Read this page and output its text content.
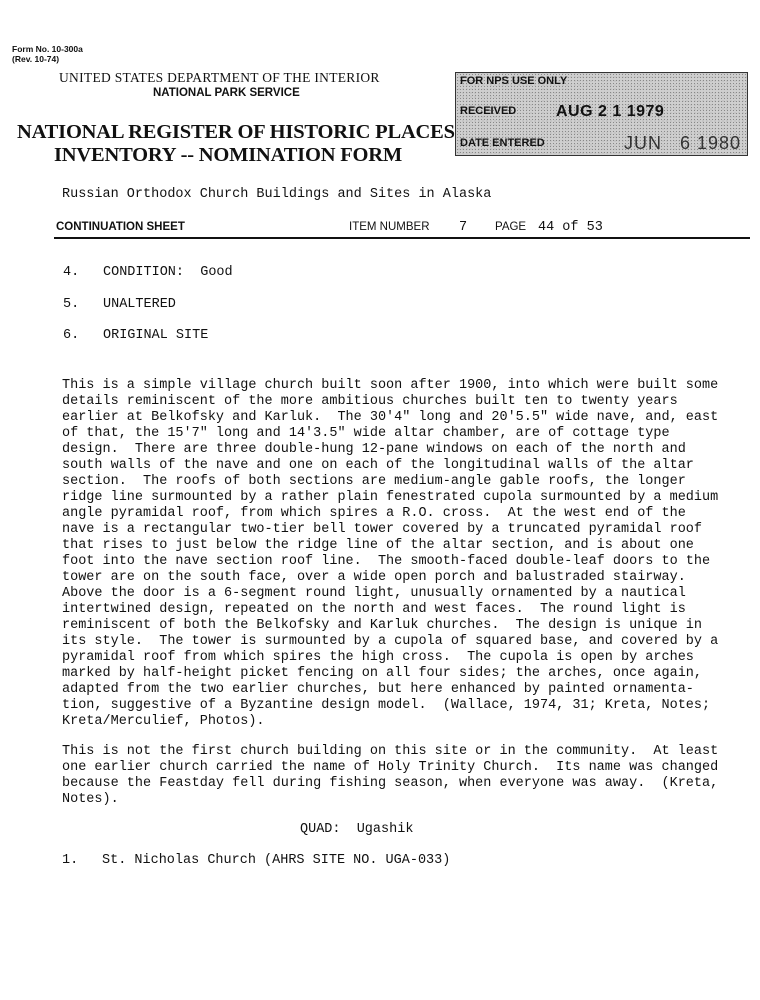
Form No. 10-300a
(Rev. 10-74)
UNITED STATES DEPARTMENT OF THE INTERIOR
NATIONAL PARK SERVICE
NATIONAL REGISTER OF HISTORIC PLACES
INVENTORY -- NOMINATION FORM
FOR NPS USE ONLY
RECEIVED AUG 2 1 1979
DATE ENTERED	JUN   6 1980
Russian Orthodox Church Buildings and Sites in Alaska
CONTINUATION SHEET	ITEM NUMBER 7 PAGE 44 of 53
4. CONDITION:  Good
5. UNALTERED
6. ORIGINAL SITE
This is a simple village church built soon after 1900, into which were built some
details reminiscent of the more ambitious churches built ten to twenty years
earlier at Belkofsky and Karluk.  The 30'4" long and 20'5.5" wide nave, and, east
of that, the 15'7" long and 14'3.5" wide altar chamber, are of cottage type
design.  There are three double-hung 12-pane windows on each of the north and
south walls of the nave and one on each of the longitudinal walls of the altar
section.  The roofs of both sections are medium-angle gable roofs, the longer
ridge line surmounted by a rather plain fenestrated cupola surmounted by a medium
angle pyramidal roof, from which spires a R.O. cross.  At the west end of the
nave is a rectangular two-tier bell tower covered by a truncated pyramidal roof
that rises to just below the ridge line of the altar section, and is about one
foot into the nave section roof line.  The smooth-faced double-leaf doors to the
tower are on the south face, over a wide open porch and balustraded stairway.
Above the door is a 6-segment round light, unusually ornamented by a nautical
intertwined design, repeated on the north and west faces.  The round light is
reminiscent of both the Belkofsky and Karluk churches.  The design is unique in
its style.  The tower is surmounted by a cupola of squared base, and covered by a
pyramidal roof from which spires the high cross.  The cupola is open by arches
marked by half-height picket fencing on all four sides; the arches, once again,
adapted from the two earlier churches, but here enhanced by painted ornamenta-
tion, suggestive of a Byzantine design model.  (Wallace, 1974, 31; Kreta, Notes;
Kreta/Merculief, Photos).
This is not the first church building on this site or in the community.  At least
one earlier church carried the name of Holy Trinity Church.  Its name was changed
because the Feastday fell during fishing season, when everyone was away.  (Kreta,
Notes).
QUAD:  Ugashik
1. St. Nicholas Church (AHRS SITE NO. UGA-033)
